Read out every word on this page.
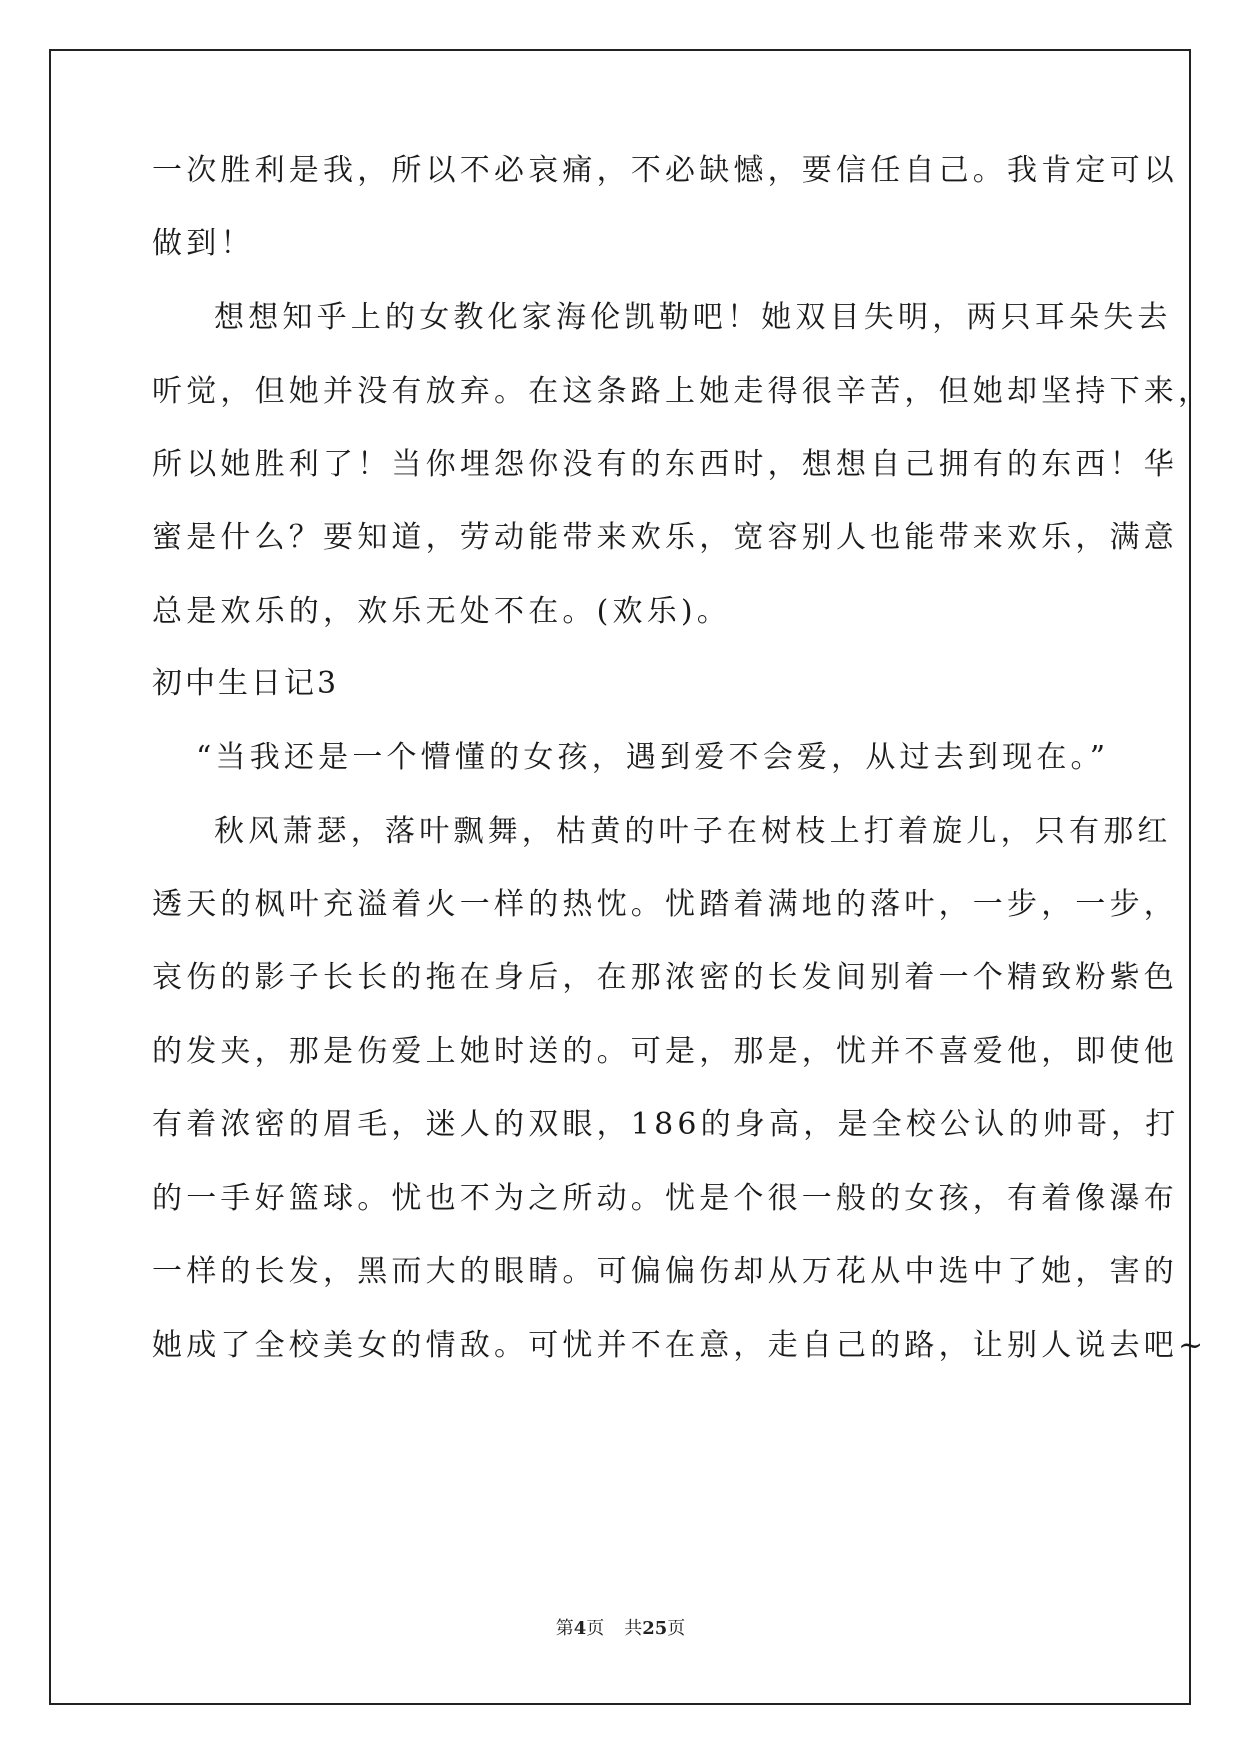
一次胜利是我，所以不必哀痛，不必缺憾，要信任自己。我肯定可以
做到！
想想知乎上的女教化家海伦凯勒吧！她双目失明，两只耳朵失去
听觉，但她并没有放弃。在这条路上她走得很辛苦，但她却坚持下来，
所以她胜利了！当你埋怨你没有的东西时，想想自己拥有的东西！华
蜜是什么？要知道，劳动能带来欢乐，宽容别人也能带来欢乐，满意
总是欢乐的，欢乐无处不在。(欢乐)。
初中生日记3
“当我还是一个懵懂的女孩，遇到爱不会爱，从过去到现在。”
秋风萧瑟，落叶飘舞，枯黄的叶子在树枝上打着旋儿，只有那红
透天的枫叶充溢着火一样的热忱。忧踏着满地的落叶，一步，一步，
哀伤的影子长长的拖在身后，在那浓密的长发间别着一个精致粉紫色
的发夹，那是伤爱上她时送的。可是，那是，忧并不喜爱他，即使他
有着浓密的眉毛，迷人的双眼，186的身高，是全校公认的帅哥，打
的一手好篮球。忧也不为之所动。忧是个很一般的女孩，有着像瀑布
一样的长发，黑而大的眼睛。可偏偏伤却从万花从中选中了她，害的
她成了全校美女的情敌。可忧并不在意，走自己的路，让别人说去吧~
第4页 共25页
